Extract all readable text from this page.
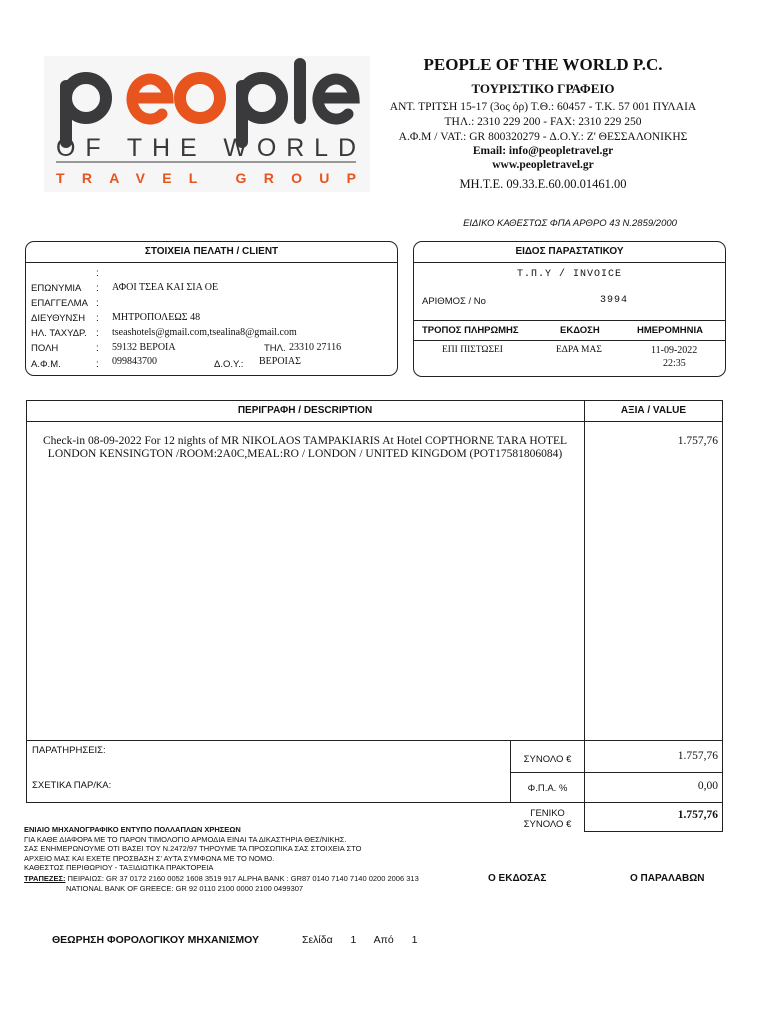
OF THE WORLD
TRAVEL GROUP
PEOPLE OF THE WORLD P.C.
ΤΟΥΡΙΣΤΙΚΟ ΓΡΑΦΕΙΟ
ΑΝΤ. ΤΡΙΤΣΗ 15-17 (3ος όρ) Τ.Θ.: 60457 - Τ.Κ. 57 001 ΠΥΛΑΙΑ
ΤΗΛ.: 2310 229 200 - FAX: 2310 229 250
Α.Φ.Μ / VAT.: GR 800320279 - Δ.Ο.Υ.: Ζ' ΘΕΣΣΑΛΟΝΙΚΗΣ
Email: info@peopletravel.gr
www.peopletravel.gr
ΜΗ.Τ.Ε. 09.33.Ε.60.00.01461.00
ΕΙΔΙΚΟ ΚΑΘΕΣΤΩΣ ΦΠΑ ΑΡΘΡΟ 43 Ν.2859/2000
ΣΤΟΙΧΕΙΑ ΠΕΛΑΤΗ / CLIENT
:
ΕΠΩΝΥΜΙΑ : ΑΦΟΙ ΤΣΕΑ ΚΑΙ ΣΙΑ ΟΕ
ΕΠΑΓΓΕΛΜΑ :
ΔΙΕΥΘΥΝΣΗ : ΜΗΤΡΟΠΟΛΕΩΣ 48
ΗΛ. ΤΑΧΥΔΡ. : tseashotels@gmail.com,tsealina8@gmail.com
ΠΟΛΗ	: 59132 ΒΕΡΟΙΑ	ΤΗΛ. 23310 27116
Α.Φ.Μ.	: 099843700	Δ.Ο.Υ.: ΒΕΡΟΙΑΣ
ΕΙΔΟΣ ΠΑΡΑΣΤΑΤΙΚΟΥ
Τ.Π.Υ / INVOICE
ΑΡΙΘΜΟΣ / No	3994
ΤΡΟΠΟΣ ΠΛΗΡΩΜΗΣ	ΕΚΔΟΣΗ	ΗΜΕΡΟΜΗΝΙΑ
ΕΠΙ ΠΙΣΤΩΣΕΙ	ΕΔΡΑ ΜΑΣ	11-09-2022
22:35
ΠΕΡΙΓΡΑΦΗ / DESCRIPTION	ΑΞΙΑ / VALUE
Check-in 08-09-2022 For 12 nights of MR NIKOLAOS TAMPAKIARIS At Hotel COPTHORNE TARA HOTEL
LONDON KENSINGTON /ROOM:2A0C,MEAL:RO / LONDON / UNITED KINGDOM (POT17581806084)
1.757,76
ΠΑΡΑΤΗΡΗΣΕΙΣ:
ΣΧΕΤΙΚΑ ΠΑΡ/ΚΑ:
ΣΥΝΟΛΟ €	1.757,76
Φ.Π.Α. %	0,00
ΓΕΝΙΚΟ
ΣΥΝΟΛΟ €
1.757,76
ΕΝΙΑΙΟ ΜΗΧΑΝΟΓΡΑΦΙΚΟ ΕΝΤΥΠΟ ΠΟΛΛΑΠΛΩΝ ΧΡΗΣΕΩΝ
ΓΙΑ ΚΑΘΕ ΔΙΑΦΟΡΑ ΜΕ ΤΟ ΠΑΡΟΝ ΤΙΜΟΛΟΓΙΟ ΑΡΜΟΔΙΑ ΕΙΝΑΙ ΤΑ ΔΙΚΑΣΤΗΡΙΑ ΘΕΣ/ΝΙΚΗΣ.
ΣΑΣ ΕΝΗΜΕΡΩΝΟΥΜΕ ΟΤΙ ΒΑΣΕΙ ΤΟΥ Ν.2472/97 ΤΗΡΟΥΜΕ ΤΑ ΠΡΟΣΩΠΙΚΑ ΣΑΣ ΣΤΟΙΧΕΙΑ ΣΤΟ
ΑΡΧΕΙΟ ΜΑΣ ΚΑΙ ΕΧΕΤΕ ΠΡΟΣΒΑΣΗ Σ' ΑΥΤΑ ΣΥΜΦΩΝΑ ΜΕ ΤΟ ΝΟΜΟ.
ΚΑΘΕΣΤΩΣ ΠΕΡΙΘΩΡΙΟΥ - ΤΑΞΙΔΙΩΤΙΚΑ ΠΡΑΚΤΟΡΕΙΑ
ΤΡΑΠΕΖΕΣ: ΠΕΙΡΑΙΩΣ: GR 37 0172 2160 0052 1608 3519 917 ALPHA BANK : GR87 0140 7140 7140 0200 2006 313
NATIONAL BANK OF GREECE: GR 92 0110 2100 0000 2100 0499307
Ο ΕΚΔΟΣΑΣ	Ο ΠΑΡΑΛΑΒΩΝ
ΘΕΩΡΗΣΗ ΦΟΡΟΛΟΓΙΚΟΥ ΜΗΧΑΝΙΣΜΟΥ	Σελίδα 1 Από 1
